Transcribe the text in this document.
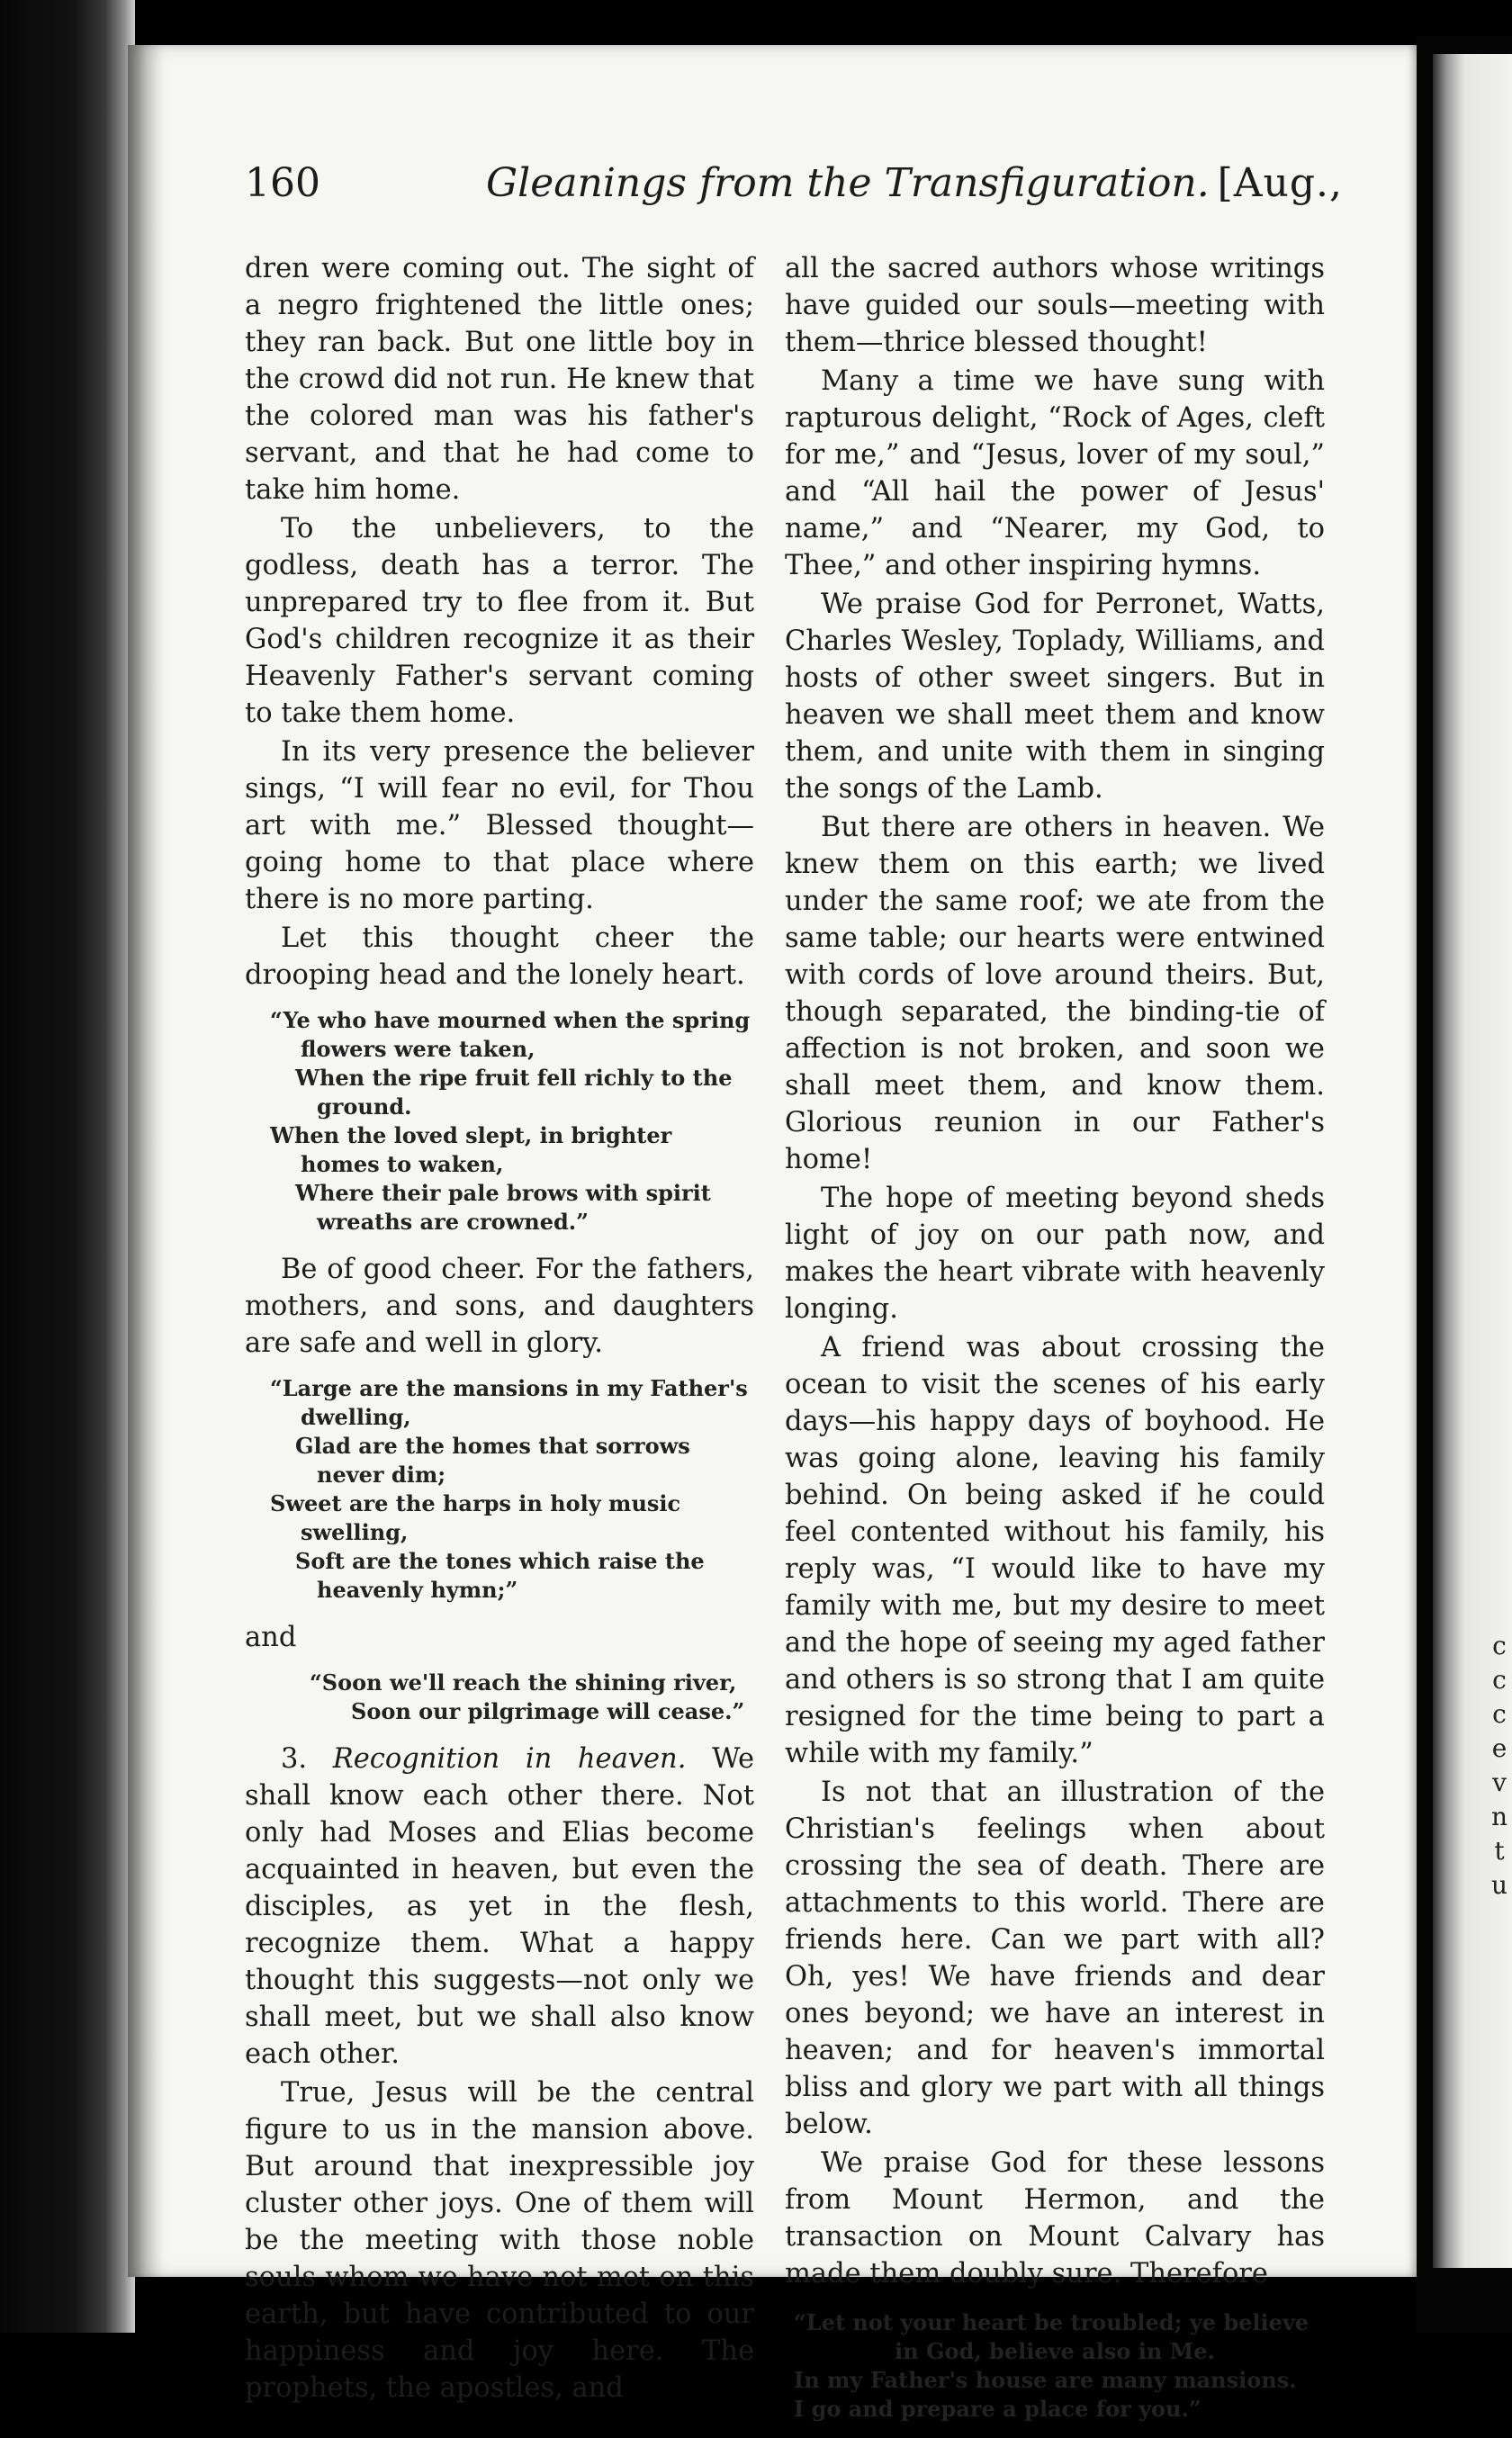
c
c
c
e
v
n
t
u
160	Gleanings from the Transfiguration. [Aug.,

dren were coming out. The sight of a negro frightened the little ones; they ran back. But one little boy in the crowd did not run. He knew that the colored man was his father's servant, and that he had come to take him home.

To the unbelievers, to the godless, death has a terror. The unprepared try to flee from it. But God's children recognize it as their Heavenly Father's servant coming to take them home.

In its very presence the believer sings, “I will fear no evil, for Thou art with me.” Blessed thought—going home to that place where there is no more parting.

Let this thought cheer the drooping head and the lonely heart.

“Ye who have mourned when the spring flowers were taken,
When the ripe fruit fell richly to the ground.
When the loved slept, in brighter homes to waken,
Where their pale brows with spirit wreaths are crowned.”

Be of good cheer. For the fathers, mothers, and sons, and daughters are safe and well in glory.

“Large are the mansions in my Father's dwelling,
Glad are the homes that sorrows never dim;
Sweet are the harps in holy music swelling,
Soft are the tones which raise the heavenly hymn;”

and

“Soon we'll reach the shining river,
Soon our pilgrimage will cease.”

3. Recognition in heaven. We shall know each other there. Not only had Moses and Elias become acquainted in heaven, but even the disciples, as yet in the flesh, recognize them. What a happy thought this suggests—not only we shall meet, but we shall also know each other.

True, Jesus will be the central figure to us in the mansion above. But around that inexpressible joy cluster other joys. One of them will be the meeting with those noble souls whom we have not met on this earth, but have contributed to our happiness and joy here. The prophets, the apostles, and

all the sacred authors whose writings have guided our souls—meeting with them—thrice blessed thought!

Many a time we have sung with rapturous delight, “Rock of Ages, cleft for me,” and “Jesus, lover of my soul,” and “All hail the power of Jesus' name,” and “Nearer, my God, to Thee,” and other inspiring hymns.

We praise God for Perronet, Watts, Charles Wesley, Toplady, Williams, and hosts of other sweet singers. But in heaven we shall meet them and know them, and unite with them in singing the songs of the Lamb.

But there are others in heaven. We knew them on this earth; we lived under the same roof; we ate from the same table; our hearts were entwined with cords of love around theirs. But, though separated, the binding-tie of affection is not broken, and soon we shall meet them, and know them. Glorious reunion in our Father's home!

The hope of meeting beyond sheds light of joy on our path now, and makes the heart vibrate with heavenly longing.

A friend was about crossing the ocean to visit the scenes of his early days—his happy days of boyhood. He was going alone, leaving his family behind. On being asked if he could feel contented without his family, his reply was, “I would like to have my family with me, but my desire to meet and the hope of seeing my aged father and others is so strong that I am quite resigned for the time being to part a while with my family.”

Is not that an illustration of the Christian's feelings when about crossing the sea of death. There are attachments to this world. There are friends here. Can we part with all? Oh, yes! We have friends and dear ones beyond; we have an interest in heaven; and for heaven's immortal bliss and glory we part with all things below.

We praise God for these lessons from Mount Hermon, and the transaction on Mount Calvary has made them doubly sure. Therefore

“Let not your heart be troubled; ye believe
in God, believe also in Me.
In my Father's house are many mansions.
I go and prepare a place for you.”
